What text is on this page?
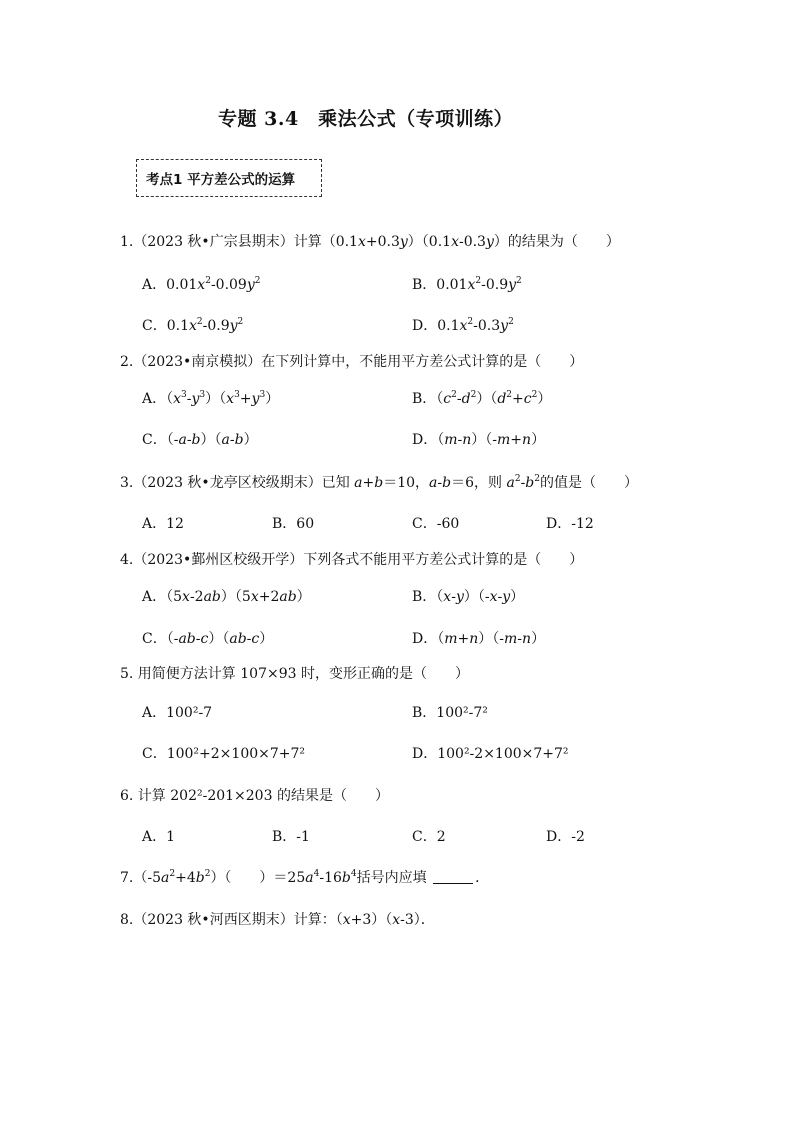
专题 3.4　乘法公式（专项训练）
考点1 平方差公式的运算
1.（2023 秋•广宗县期末）计算（0.1x+0.3y）（0.1x-0.3y）的结果为（　　）
A．$0.01x^2-0.09y^2$	B．$0.01x^2-0.9y^2$
C．$0.1x^2-0.9y^2$	D．$0.1x^2-0.3y^2$
2.（2023•南京模拟）在下列计算中，不能用平方差公式计算的是（　　）
A．$(x^3-y^3)(x^3+y^3)$	B．$(c^2-d^2)(d^2+c^2)$
C．（-a-b）（a-b）	D．（m-n）（-m+n）
3.（2023 秋•龙亭区校级期末）已知 a+b＝10，a-b＝6，则 $a^2-b^2$的值是（　　）
A．12	B．60	C．-60	D．-12
4.（2023•鄞州区校级开学）下列各式不能用平方差公式计算的是（　　）
A．（5x-2ab）（5x+2ab）	B．（x-y）（-x-y）
C．（-ab-c）（ab-c）	D．（m+n）（-m-n）
5. 用简便方法计算 107×93 时，变形正确的是（　　）
A．100²-7	B．100²-7²
C．100²+2×100×7+7²	D．100²-2×100×7+7²
6. 计算 202²-201×203 的结果是（　　）
A．1	B．-1	C．2	D．-2
$7.(-5a^2+4b^2)$（　　）$=25a^4-16b^4$括号内应填	．
8.（2023 秋•河西区期末）计算：（x+3）（x-3）．
